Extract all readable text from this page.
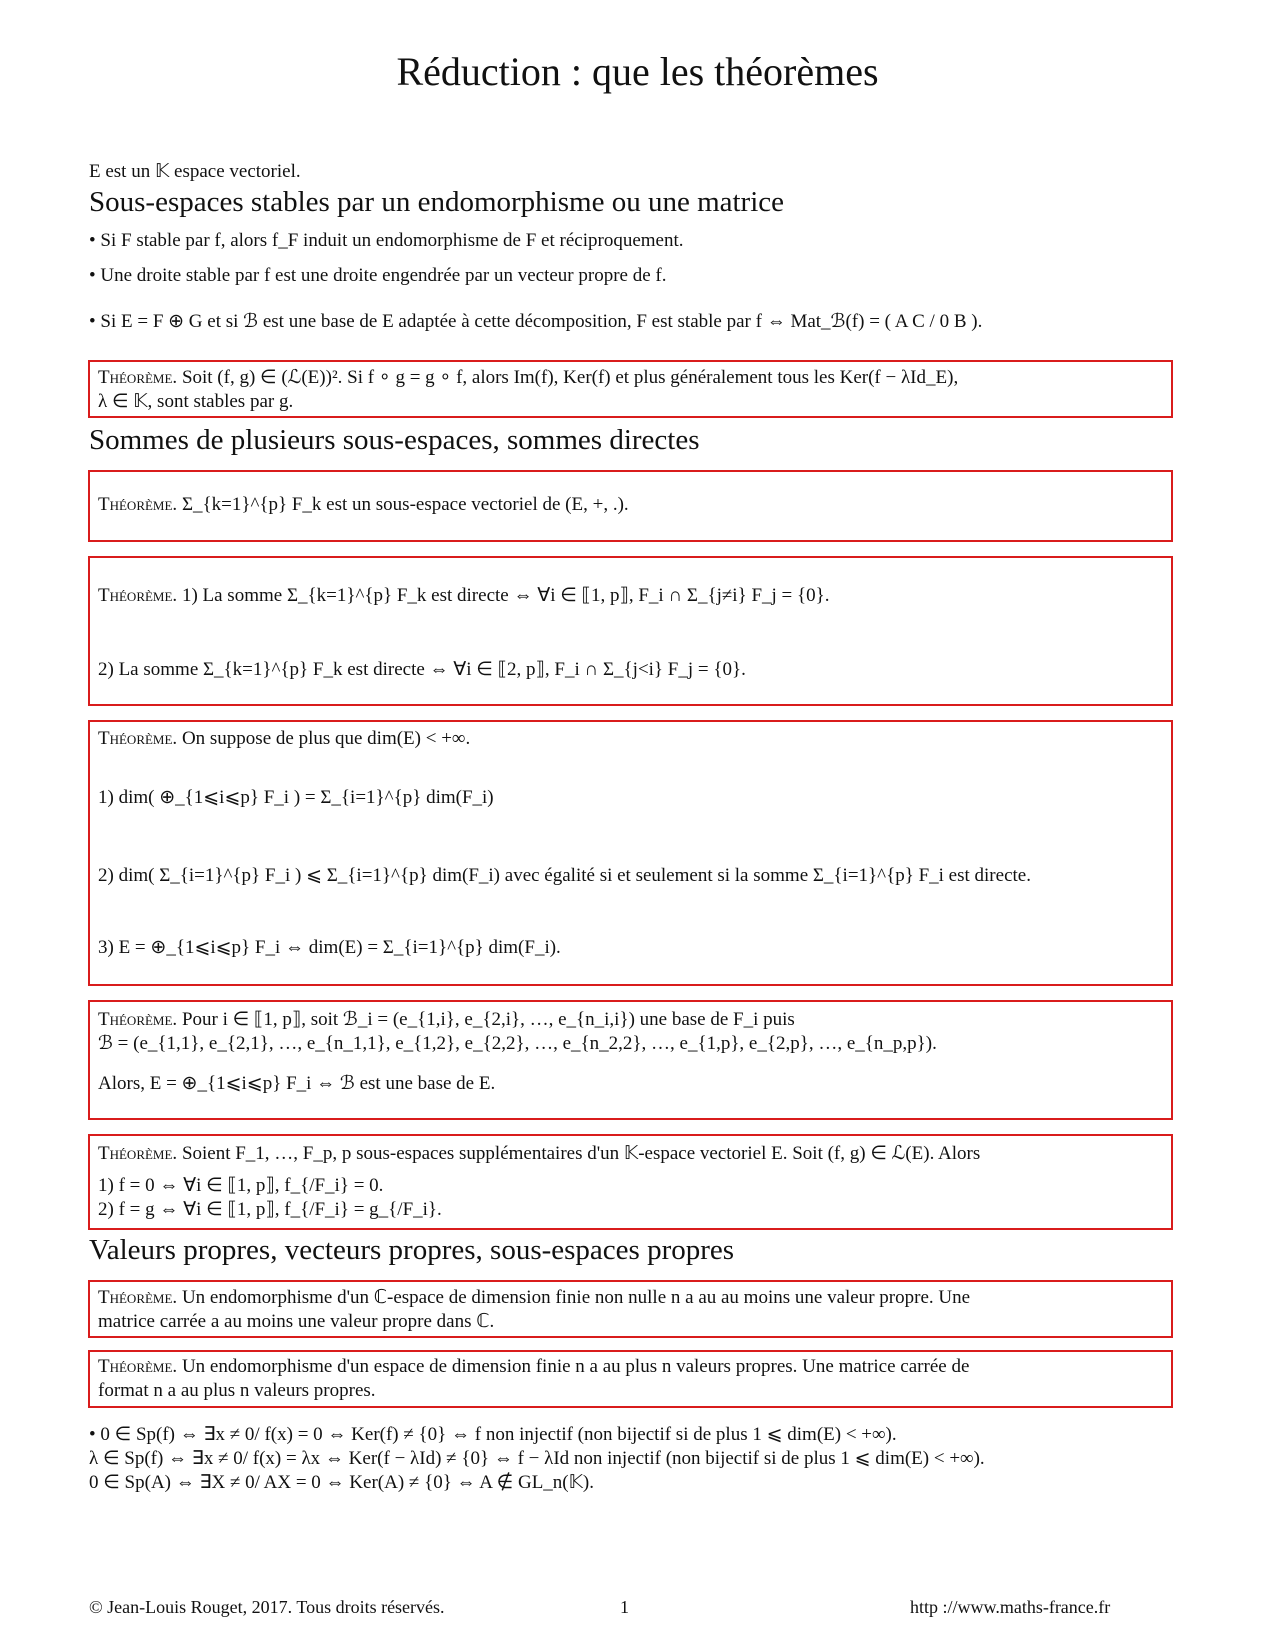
Réduction : que les théorèmes
E est un 𝕂 espace vectoriel.
Sous-espaces stables par un endomorphisme ou une matrice
• Si F stable par f, alors f_F induit un endomorphisme de F et réciproquement.
• Une droite stable par f est une droite engendrée par un vecteur propre de f.
• Si E = F ⊕ G et si ℬ est une base de E adaptée à cette décomposition, F est stable par f ⇔ Mat_ℬ(f) = ( A C / 0 B ).
Théorème. Soit (f, g) ∈ (ℒ(E))². Si f ∘ g = g ∘ f, alors Im(f), Ker(f) et plus généralement tous les Ker(f − λId_E),
λ ∈ 𝕂, sont stables par g.
Sommes de plusieurs sous-espaces, sommes directes
Théorème. Σ_{k=1}^{p} F_k est un sous-espace vectoriel de (E, +, .).
Théorème. 1) La somme Σ_{k=1}^{p} F_k est directe ⇔ ∀i ∈ ⟦1, p⟧, F_i ∩ Σ_{j≠i} F_j = {0}.
2) La somme Σ_{k=1}^{p} F_k est directe ⇔ ∀i ∈ ⟦2, p⟧, F_i ∩ Σ_{j<i} F_j = {0}.
Théorème. On suppose de plus que dim(E) < +∞.
1) dim( ⊕_{1⩽i⩽p} F_i ) = Σ_{i=1}^{p} dim(F_i)
2) dim( Σ_{i=1}^{p} F_i ) ⩽ Σ_{i=1}^{p} dim(F_i) avec égalité si et seulement si la somme Σ_{i=1}^{p} F_i est directe.
3) E = ⊕_{1⩽i⩽p} F_i ⇔ dim(E) = Σ_{i=1}^{p} dim(F_i).
Théorème. Pour i ∈ ⟦1, p⟧, soit ℬ_i = (e_{1,i}, e_{2,i}, …, e_{n_i,i}) une base de F_i puis
ℬ = (e_{1,1}, e_{2,1}, …, e_{n_1,1}, e_{1,2}, e_{2,2}, …, e_{n_2,2}, …, e_{1,p}, e_{2,p}, …, e_{n_p,p}).
Alors, E = ⊕_{1⩽i⩽p} F_i ⇔ ℬ est une base de E.
Théorème. Soient F_1, …, F_p, p sous-espaces supplémentaires d'un 𝕂-espace vectoriel E. Soit (f, g) ∈ ℒ(E). Alors
1) f = 0 ⇔ ∀i ∈ ⟦1, p⟧, f_{/F_i} = 0.
2) f = g ⇔ ∀i ∈ ⟦1, p⟧, f_{/F_i} = g_{/F_i}.
Valeurs propres, vecteurs propres, sous-espaces propres
Théorème. Un endomorphisme d'un ℂ-espace de dimension finie non nulle n a au au moins une valeur propre. Une
matrice carrée a au moins une valeur propre dans ℂ.
Théorème. Un endomorphisme d'un espace de dimension finie n a au plus n valeurs propres. Une matrice carrée de
format n a au plus n valeurs propres.
• 0 ∈ Sp(f) ⇔ ∃x ≠ 0/ f(x) = 0 ⇔ Ker(f) ≠ {0} ⇔ f non injectif (non bijectif si de plus 1 ⩽ dim(E) < +∞).
λ ∈ Sp(f) ⇔ ∃x ≠ 0/ f(x) = λx ⇔ Ker(f − λId) ≠ {0} ⇔ f − λId non injectif (non bijectif si de plus 1 ⩽ dim(E) < +∞).
0 ∈ Sp(A) ⇔ ∃X ≠ 0/ AX = 0 ⇔ Ker(A) ≠ {0} ⇔ A ∉ GL_n(𝕂).
© Jean-Louis Rouget, 2017. Tous droits réservés.	1	http ://www.maths-france.fr
